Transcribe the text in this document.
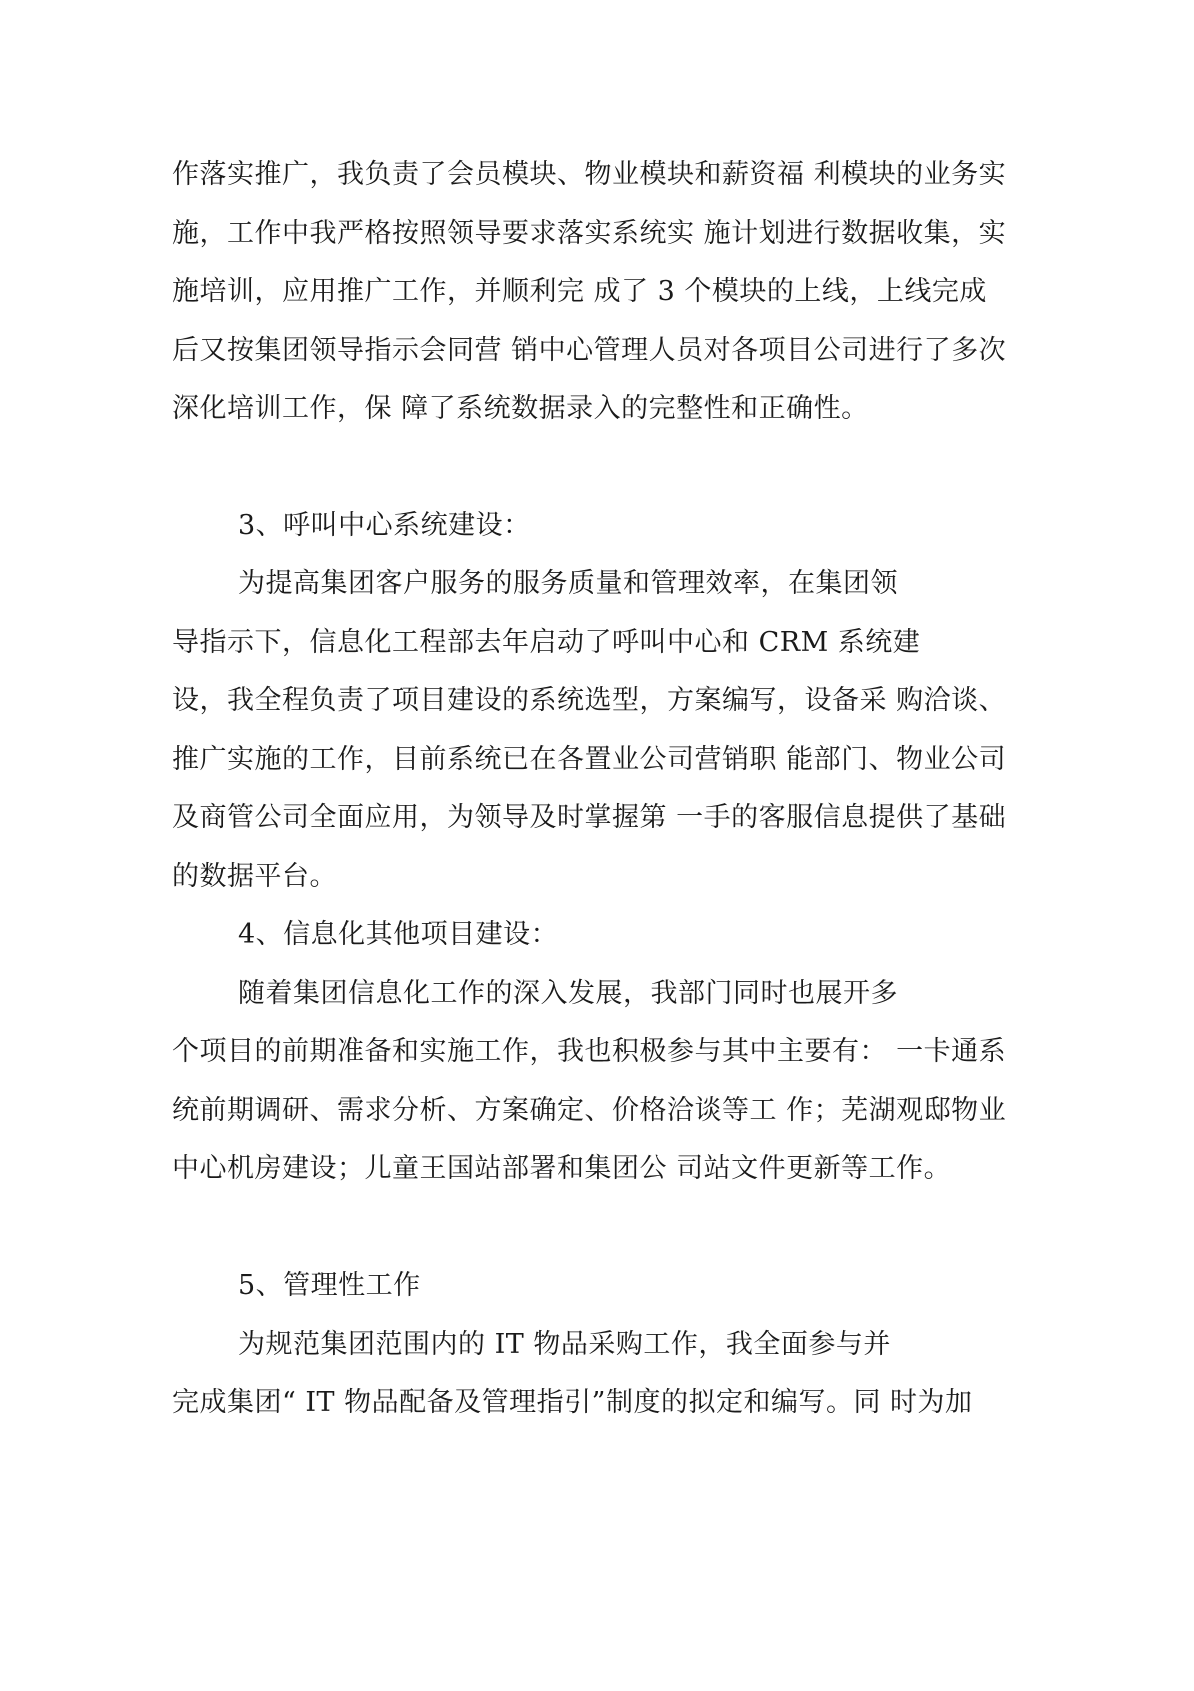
作落实推广，我负责了会员模块、物业模块和薪资福 利模块的业务实
施，工作中我严格按照领导要求落实系统实 施计划进行数据收集，实
施培训，应用推广工作，并顺利完 成了 3 个模块的上线，上线完成
后又按集团领导指示会同营 销中心管理人员对各项目公司进行了多次
深化培训工作，保 障了系统数据录入的完整性和正确性。
3、呼叫中心系统建设：
为提高集团客户服务的服务质量和管理效率，在集团领
导指示下，信息化工程部去年启动了呼叫中心和 CRM 系统建
设，我全程负责了项目建设的系统选型，方案编写，设备采 购洽谈、
推广实施的工作，目前系统已在各置业公司营销职 能部门、物业公司
及商管公司全面应用，为领导及时掌握第 一手的客服信息提供了基础
的数据平台。
4、信息化其他项目建设：
随着集团信息化工作的深入发展，我部门同时也展开多
个项目的前期准备和实施工作，我也积极参与其中主要有： 一卡通系
统前期调研、需求分析、方案确定、价格洽谈等工 作；芜湖观邸物业
中心机房建设；儿童王国站部署和集团公 司站文件更新等工作。
5、管理性工作
为规范集团范围内的 IT 物品采购工作，我全面参与并
完成集团“ IT 物品配备及管理指引”制度的拟定和编写。同 时为加
